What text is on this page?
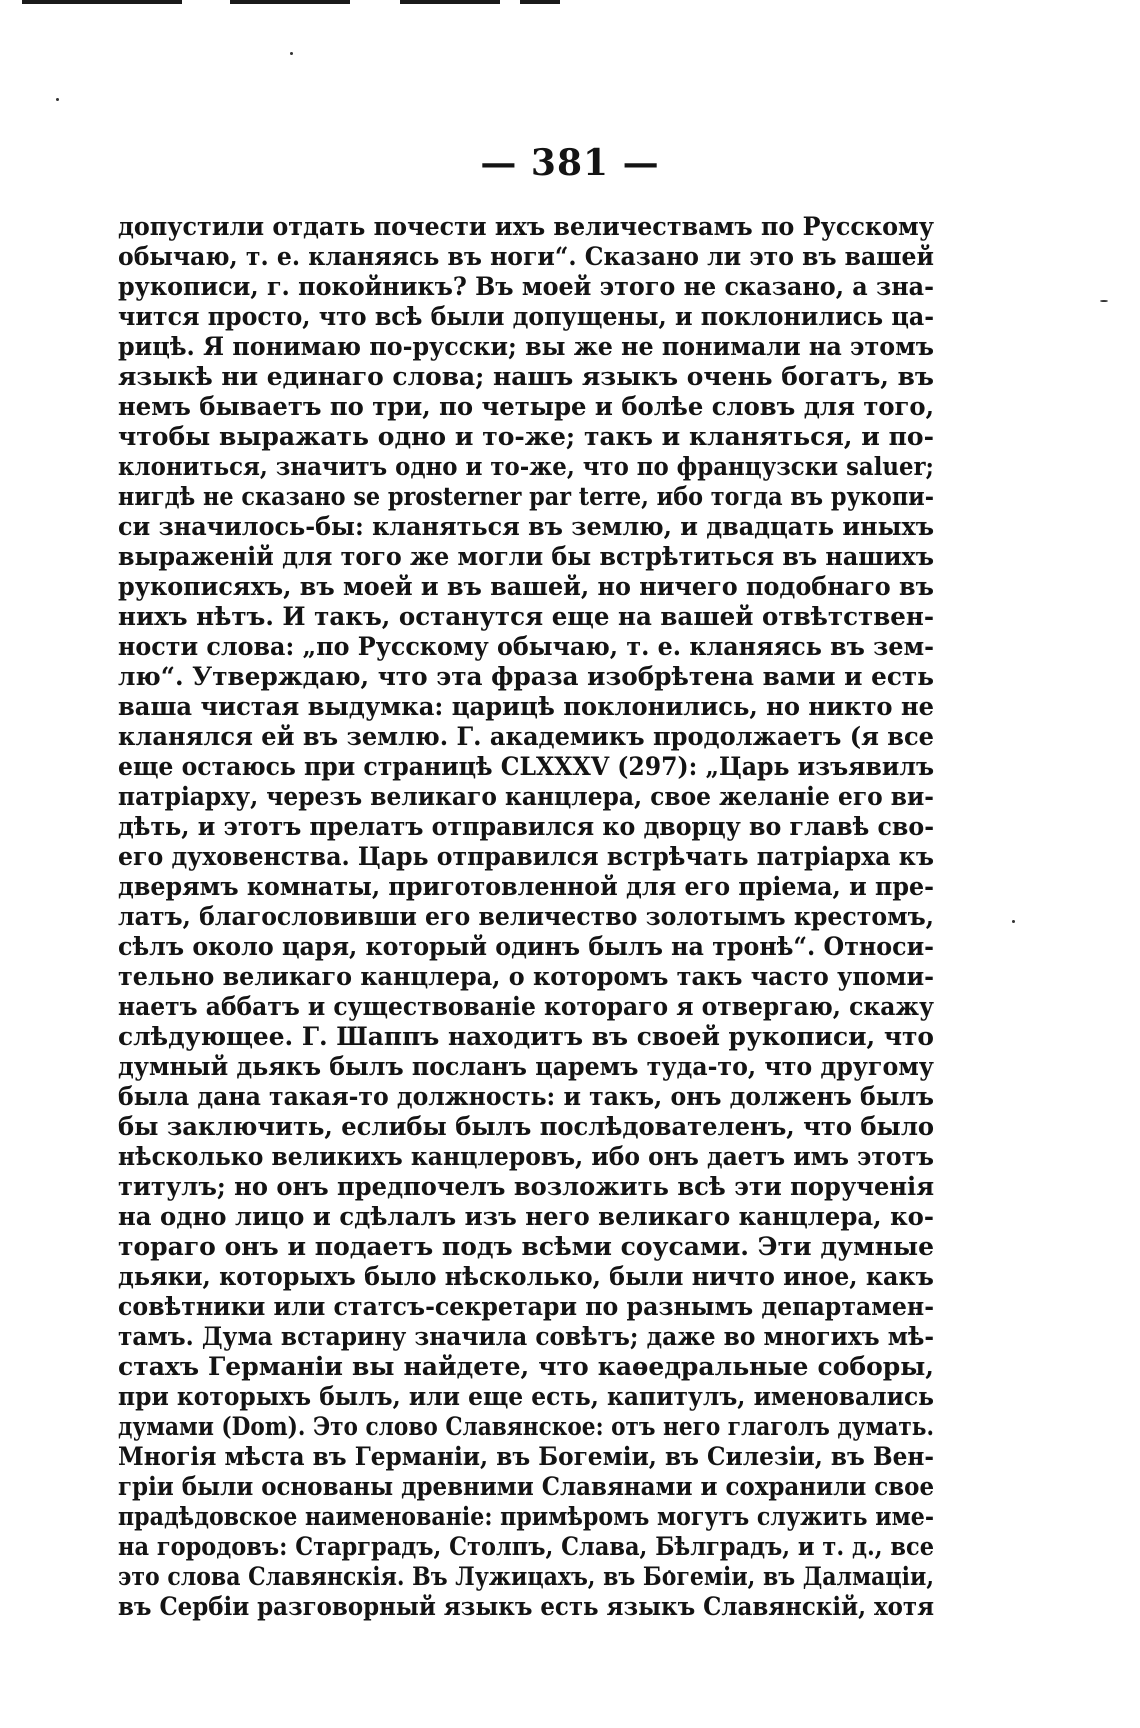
— 381 —
допустили отдать почести ихъ величествамъ по Русскому
обычаю, т. е. кланяясь въ ноги“. Сказано ли это въ вашей
рукописи, г. покойникъ? Въ моей этого не сказано, а зна-
чится просто, что всѣ были допущены, и поклонились ца-
рицѣ. Я понимаю по-русски; вы же не понимали на этомъ
языкѣ ни единаго слова; нашъ языкъ очень богатъ, въ
немъ бываетъ по три, по четыре и болѣе словъ для того,
чтобы выражать одно и то-же; такъ и кланяться, и по-
клониться, значитъ одно и то-же, что по французски saluer;
нигдѣ не сказано se prosterner par terre, ибо тогда въ рукопи-
си значилось-бы: кланяться въ землю, и двадцать иныхъ
выраженій для того же могли бы встрѣтиться въ нашихъ
рукописяхъ, въ моей и въ вашей, но ничего подобнаго въ
нихъ нѣтъ. И такъ, останутся еще на вашей отвѣтствен-
ности слова: „по Русскому обычаю, т. е. кланяясь въ зем-
лю“. Утверждаю, что эта фраза изобрѣтена вами и есть
ваша чистая выдумка: царицѣ поклонились, но никто не
кланялся ей въ землю. Г. академикъ продолжаетъ (я все
еще остаюсь при страницѣ CLXXXV (297): „Царь изъявилъ
патріарху, черезъ великаго канцлера, свое желаніе его ви-
дѣть, и этотъ прелатъ отправился ко дворцу во главѣ сво-
его духовенства. Царь отправился встрѣчать патріарха къ
дверямъ комнаты, приготовленной для его пріема, и пре-
латъ, благословивши его величество золотымъ крестомъ,
сѣлъ около царя, который одинъ былъ на тронѣ“. Относи-
тельно великаго канцлера, о которомъ такъ часто упоми-
наетъ аббатъ и существованіе котораго я отвергаю, скажу
слѣдующее. Г. Шаппъ находитъ въ своей рукописи, что
думный дьякъ былъ посланъ царемъ туда-то, что другому
была дана такая-то должность: и такъ, онъ долженъ былъ
бы заключить, еслибы былъ послѣдователенъ, что было
нѣсколько великихъ канцлеровъ, ибо онъ даетъ имъ этотъ
титулъ; но онъ предпочелъ возложить всѣ эти порученія
на одно лицо и сдѣлалъ изъ него великаго канцлера, ко-
тораго онъ и подаетъ подъ всѣми соусами. Эти думные
дьяки, которыхъ было нѣсколько, были ничто иное, какъ
совѣтники или статсъ-секретари по разнымъ департамен-
тамъ. Дума встарину значила совѣтъ; даже во многихъ мѣ-
стахъ Германіи вы найдете, что каѳедральные соборы,
при которыхъ былъ, или еще есть, капитулъ, именовались
думами (Dom). Это слово Славянское: отъ него глаголъ думать.
Многія мѣста въ Германіи, въ Богеміи, въ Силезіи, въ Вен-
гріи были основаны древними Славянами и сохранили свое
прадѣдовское наименованіе: примѣромъ могутъ служить име-
на городовъ: Старградъ, Столпъ, Слава, Бѣлградъ, и т. д., все
это слова Славянскія. Въ Лужицахъ, въ Богеміи, въ Далмаціи,
въ Сербіи разговорный языкъ есть языкъ Славянскій, хотя
